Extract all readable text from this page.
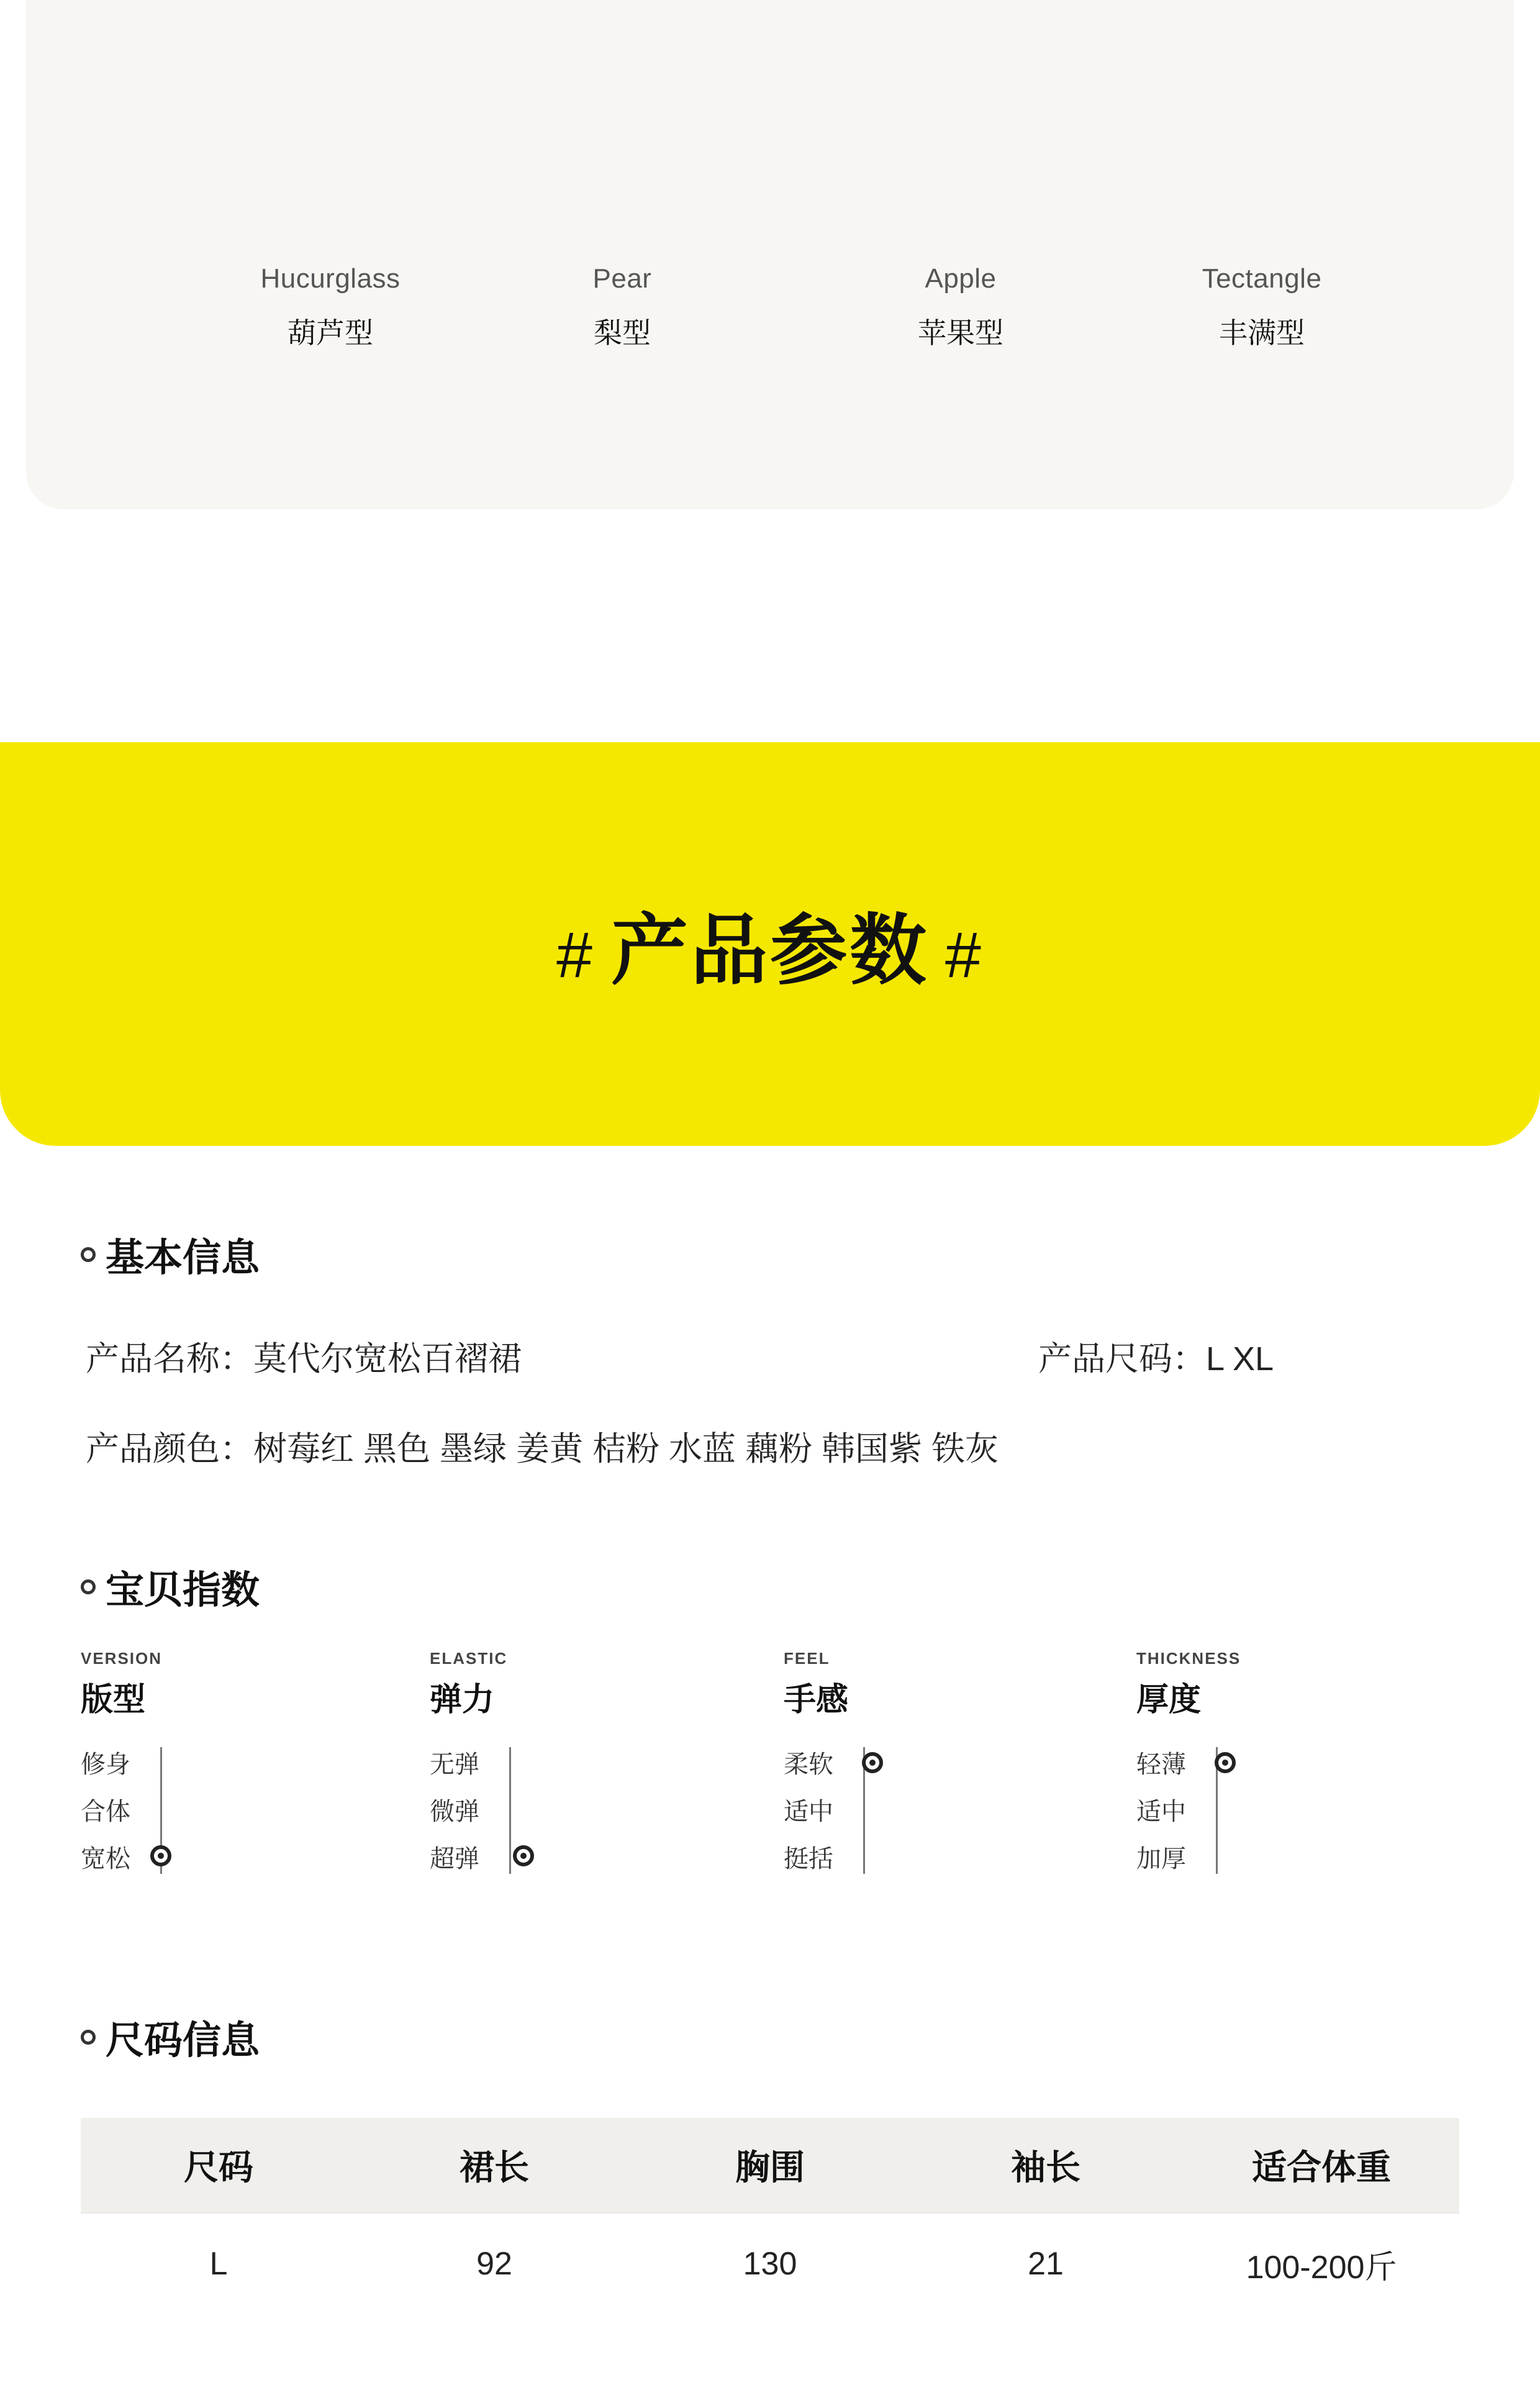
Hucurglass
葫芦型
Pear
梨型
Apple
苹果型
Tectangle
丰满型
# 产品参数 #
基本信息
产品名称：莫代尔宽松百褶裙	产品尺码：L XL
产品颜色：树莓红 黑色 墨绿 姜黄 桔粉 水蓝 藕粉 韩国紫 铁灰
宝贝指数
VERSION
版型
修身
合体
宽松
ELASTIC
弹力
无弹
微弹
超弹
FEEL
手感
柔软
适中
挺括
THICKNESS
厚度
轻薄
适中
加厚
尺码信息
尺码	裙长	胸围	袖长	适合体重
L	92	130	21	100-200斤
